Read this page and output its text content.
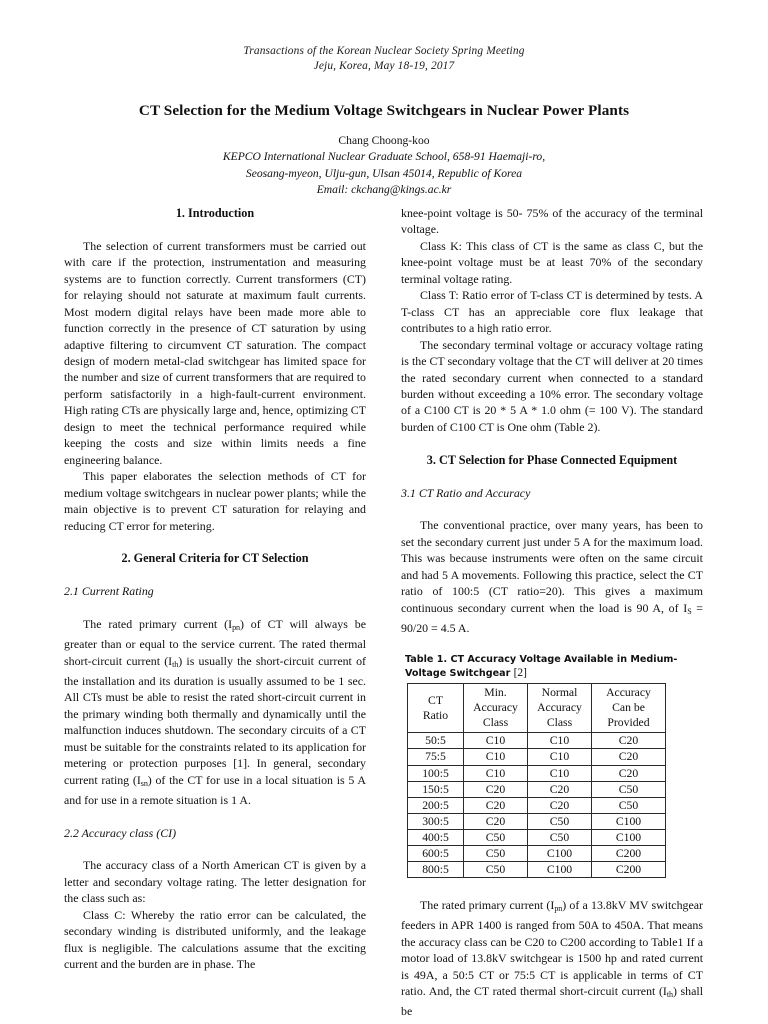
Transactions of the Korean Nuclear Society Spring Meeting
Jeju, Korea, May 18-19, 2017
CT Selection for the Medium Voltage Switchgears in Nuclear Power Plants
Chang Choong-koo
KEPCO International Nuclear Graduate School, 658-91 Haemaji-ro,
Seosang-myeon, Ulju-gun, Ulsan 45014, Republic of Korea
Email: ckchang@kings.ac.kr
1. Introduction

The selection of current transformers must be carried out with care if the protection, instrumentation and measuring systems are to function correctly. Current transformers (CT) for relaying should not saturate at maximum fault currents. Most modern digital relays have been made more able to function correctly in the presence of CT saturation by using adaptive filtering to circumvent CT saturation. The compact design of modern metal-clad switchgear has limited space for the number and size of current transformers that are required to perform satisfactorily in a high-fault-current environment. High rating CTs are physically large and, hence, optimizing CT design to meet the technical performance required while keeping the costs and size within limits needs a fine engineering balance.

This paper elaborates the selection methods of CT for medium voltage switchgears in nuclear power plants; while the main objective is to prevent CT saturation for relaying and reducing CT error for metering.

2. General Criteria for CT Selection
2.1 Current Rating

The rated primary current $(I_{pn})$ of CT will always be greater than or equal to the service current. The rated thermal short-circuit current $(I_{th})$ is usually the short-circuit current of the installation and its duration is usually assumed to be 1 sec. All CTs must be able to resist the rated short-circuit current in the primary winding both thermally and dynamically until the malfunction induces shutdown. The secondary circuits of a CT must be suitable for the constraints related to its application for metering or protection purposes [1]. In general, secondary current rating $(I_{sn})$ of the CT for use in a local situation is 5 A and for use in a remote situation is 1 A.

2.2 Accuracy class (CI)

The accuracy class of a North American CT is given by a letter and secondary voltage rating. The letter designation for the class such as:

Class C: Whereby the ratio error can be calculated, the secondary winding is distributed uniformly, and the leakage flux is negligible. The calculations assume that the exciting current and the burden are in phase. The

knee-point voltage is 50- 75% of the accuracy of the terminal voltage.

Class K: This class of CT is the same as class C, but the knee-point voltage must be at least 70% of the secondary terminal voltage rating.

Class T: Ratio error of T-class CT is determined by tests. A T-class CT has an appreciable core flux leakage that contributes to a high ratio error.

The secondary terminal voltage or accuracy voltage rating is the CT secondary voltage that the CT will deliver at 20 times the rated secondary current when connected to a standard burden without exceeding a 10% error. The secondary voltage of a C100 CT is 20 * 5 A * 1.0 ohm (= 100 V). The standard burden of C100 CT is One ohm (Table 2).

3. CT Selection for Phase Connected Equipment
3.1 CT Ratio and Accuracy

The conventional practice, over many years, has been to set the secondary current just under 5 A for the maximum load. This was because instruments were often on the same circuit and had 5 A movements. Following this practice, select the CT ratio of 100:5 (CT ratio=20). This gives a maximum continuous secondary current when the load is 90 A, of $I_S = 90/20 = 4.5$ A.

Table 1. CT Accuracy Voltage Available in Medium-Voltage Switchgear [2]
CT
Ratio

Min.
Accuracy
Class

Normal
Accuracy
Class

Accuracy
Can be
Provided

50:5	C10	C10	C20
75:5	C10	C10	C20
100:5	C10	C10	C20
150:5	C20	C20	C50
200:5	C20	C20	C50
300:5	C20	C50	C100
400:5	C50	C50	C100
600:5	C50	C100	C200
800:5	C50	C100	C200

The rated primary current $(I_{pn})$ of a 13.8kV MV switchgear feeders in APR 1400 is ranged from 50A to 450A. That means the accuracy class can be C20 to C200 according to Table1 If a motor load of 13.8kV switchgear is 1500 hp and rated current is 49A, a 50:5 CT or 75:5 CT is applicable in terms of CT ratio. And, the CT rated thermal short-circuit current $(I_{th})$ shall be
